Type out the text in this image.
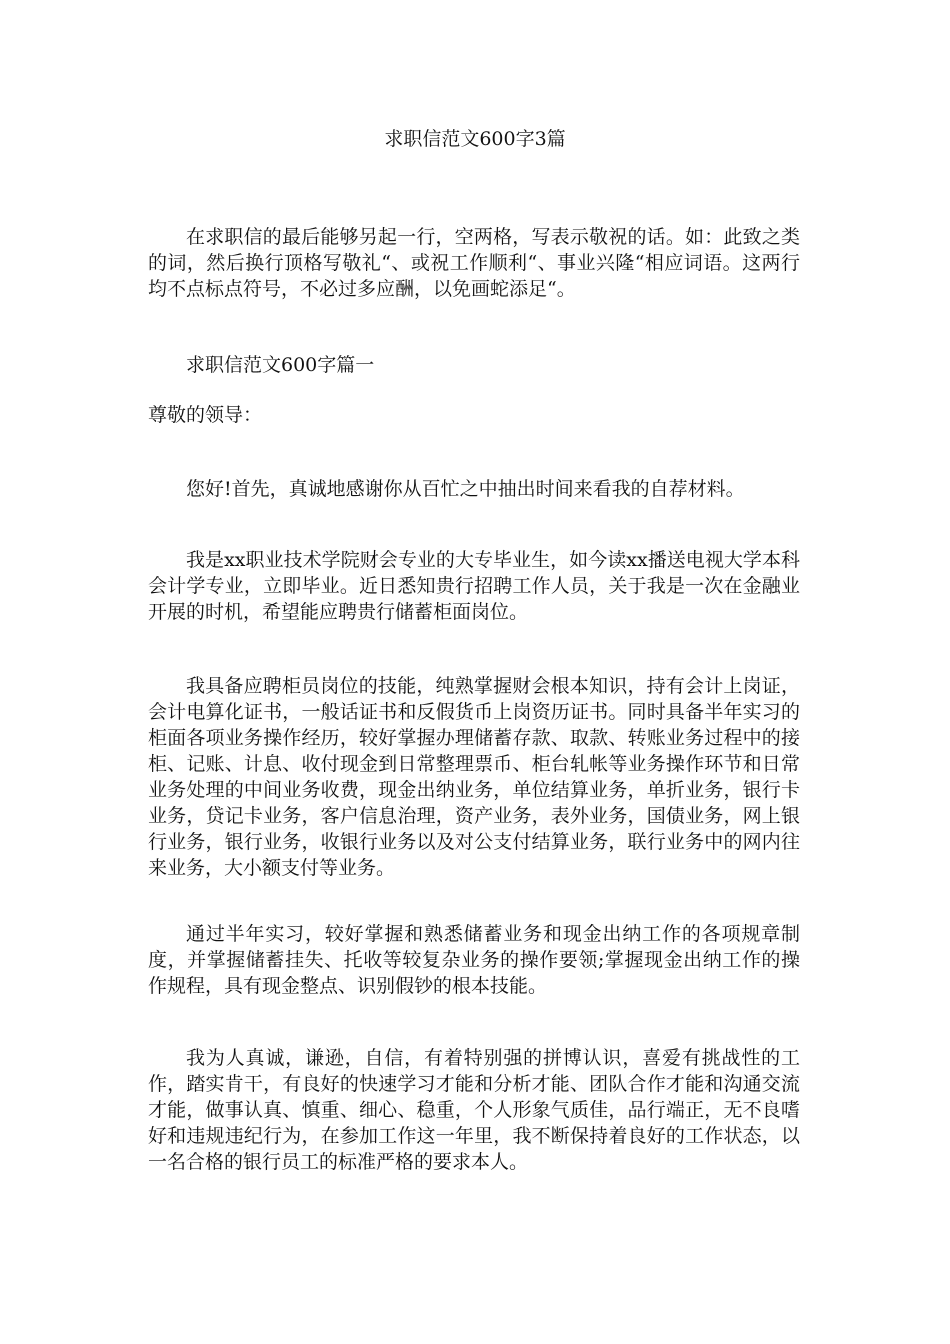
求职信范文600字3篇

在求职信的最后能够另起一行，空两格，写表示敬祝的话。如：此致之类的词，然后换行顶格写敬礼“、或祝工作顺利“、事业兴隆“相应词语。这两行均不点标点符号，不必过多应酬，以免画蛇添足“。

求职信范文600字篇一

尊敬的领导：

您好!首先，真诚地感谢你从百忙之中抽出时间来看我的自荐材料。

我是xx职业技术学院财会专业的大专毕业生，如今读xx播送电视大学本科会计学专业，立即毕业。近日悉知贵行招聘工作人员，关于我是一次在金融业开展的时机，希望能应聘贵行储蓄柜面岗位。

我具备应聘柜员岗位的技能，纯熟掌握财会根本知识，持有会计上岗证，会计电算化证书，一般话证书和反假货币上岗资历证书。同时具备半年实习的柜面各项业务操作经历，较好掌握办理储蓄存款、取款、转账业务过程中的接柜、记账、计息、收付现金到日常整理票币、柜台轧帐等业务操作环节和日常业务处理的中间业务收费，现金出纳业务，单位结算业务，单折业务，银行卡业务，贷记卡业务，客户信息治理，资产业务，表外业务，国债业务，网上银行业务，银行业务，收银行业务以及对公支付结算业务，联行业务中的网内往来业务，大小额支付等业务。

通过半年实习，较好掌握和熟悉储蓄业务和现金出纳工作的各项规章制度，并掌握储蓄挂失、托收等较复杂业务的操作要领;掌握现金出纳工作的操作规程，具有现金整点、识别假钞的根本技能。

我为人真诚，谦逊，自信，有着特别强的拼博认识，喜爱有挑战性的工作，踏实肯干，有良好的快速学习才能和分析才能、团队合作才能和沟通交流才能，做事认真、慎重、细心、稳重，个人形象气质佳，品行端正，无不良嗜好和违规违纪行为，在参加工作这一年里，我不断保持着良好的工作状态，以一名合格的银行员工的标准严格的要求本人。
